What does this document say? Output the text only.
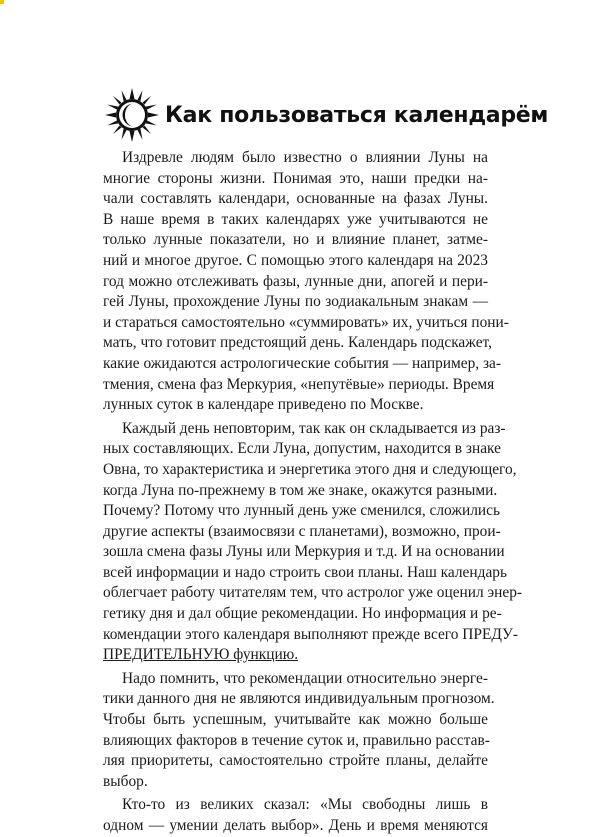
Как пользоваться календарём
Издревле людям было известно о влиянии Луны на
многие стороны жизни. Понимая это, наши предки на-
чали составлять календари, основанные на фазах Луны.
В наше время в таких календарях уже учитываются не
только лунные показатели, но и влияние планет, затме-
ний и многое другое. С помощью этого календаря на 2023
год можно отслеживать фазы, лунные дни, апогей и пери-
гей Луны, прохождение Луны по зодиакальным знакам —
и стараться самостоятельно «суммировать» их, учиться пони-
мать, что готовит предстоящий день. Календарь подскажет,
какие ожидаются астрологические события — например, за-
тмения, смена фаз Меркурия, «непутёвые» периоды. Время
лунных суток в календаре приведено по Москве.
Каждый день неповторим, так как он складывается из раз-
ных составляющих. Если Луна, допустим, находится в знаке
Овна, то характеристика и энергетика этого дня и следующего,
когда Луна по-прежнему в том же знаке, окажутся разными.
Почему? Потому что лунный день уже сменился, сложились
другие аспекты (взаимосвязи с планетами), возможно, прои-
зошла смена фазы Луны или Меркурия и т.д. И на основании
всей информации и надо строить свои планы. Наш календарь
облегчает работу читателям тем, что астролог уже оценил энер-
гетику дня и дал общие рекомендации. Но информация и ре-
комендации этого календаря выполняют прежде всего ПРЕДУ-
ПРЕДИТЕЛЬНУЮ функцию.
Надо помнить, что рекомендации относительно энерге-
тики данного дня не являются индивидуальным прогнозом.
Чтобы быть успешным, учитывайте как можно больше
влияющих факторов в течение суток и, правильно расстав-
ляя приоритеты, самостоятельно стройте планы, делайте
выбор.
Кто-то из великих сказал: «Мы свободны лишь в
одном — умении делать выбор». День и время меняются
